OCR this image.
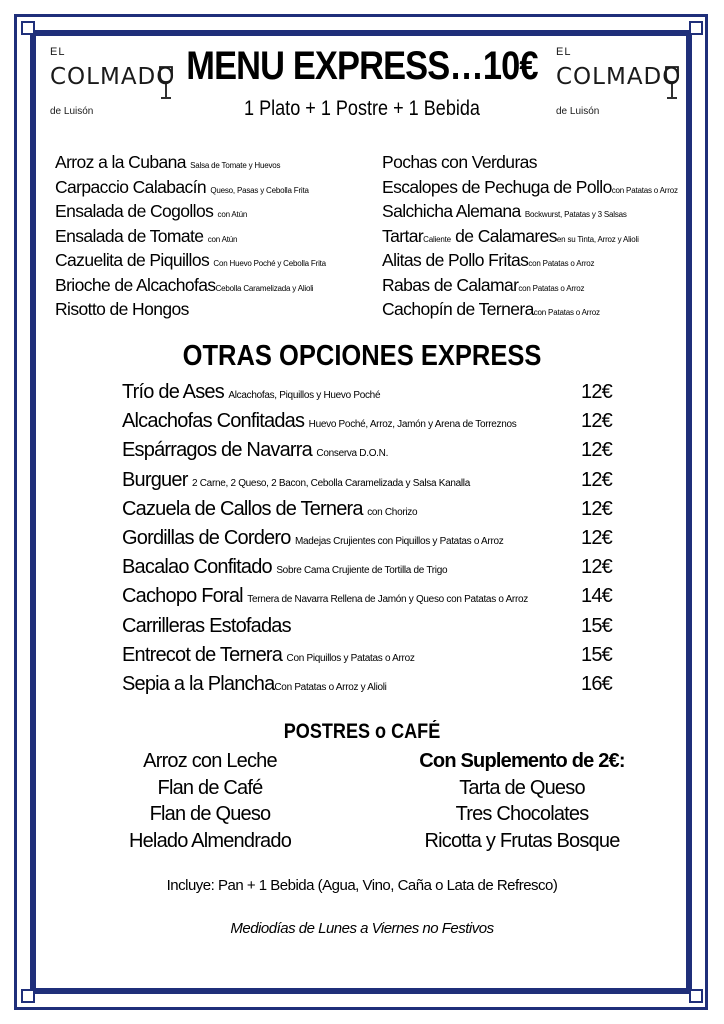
EL
COLMADO
de Luisón
EL
COLMADO
de Luisón
MENU EXPRESS…10€
1 Plato + 1 Postre + 1 Bebida
Arroz a la Cubana Salsa de Tomate y Huevos
Carpaccio Calabacín Queso, Pasas y Cebolla Frita
Ensalada de Cogollos con Atún
Ensalada de Tomate con Atún
Cazuelita de Piquillos Con Huevo Poché y Cebolla Frita
Brioche de AlcachofasCebolla Caramelizada y Alioli
Risotto de Hongos
Pochas con Verduras
Escalopes de Pechuga de Pollocon Patatas o Arroz
Salchicha Alemana Bockwurst, Patatas y 3 Salsas
TartarCaliente de Calamaresen su Tinta, Arroz y Alioli
Alitas de Pollo Fritascon Patatas o Arroz
Rabas de Calamarcon Patatas o Arroz
Cachopín de Terneracon Patatas o Arroz
OTRAS OPCIONES EXPRESS
Trío de Ases Alcachofas, Piquillos y Huevo Poché	12€
Alcachofas Confitadas Huevo Poché, Arroz, Jamón y Arena de Torreznos	12€
Espárragos de Navarra Conserva D.O.N.	12€
Burguer 2 Carne, 2 Queso, 2 Bacon, Cebolla Caramelizada y Salsa Kanalla	12€
Cazuela de Callos de Ternera con Chorizo	12€
Gordillas de Cordero Madejas Crujientes con Piquillos y Patatas o Arroz	12€
Bacalao Confitado Sobre Cama Crujiente de Tortilla de Trigo	12€
Cachopo Foral Ternera de Navarra Rellena de Jamón y Queso con Patatas o Arroz	14€
Carrilleras Estofadas	15€
Entrecot de Ternera Con Piquillos y Patatas o Arroz	15€
Sepia a la PlanchaCon Patatas o Arroz y Alioli	16€
POSTRES o CAFÉ
Arroz con Leche
Flan de Café
Flan de Queso
Helado Almendrado
Con Suplemento de 2€:
Tarta de Queso
Tres Chocolates
Ricotta y Frutas Bosque
Incluye: Pan + 1 Bebida (Agua, Vino, Caña o Lata de Refresco)
Mediodías de Lunes a Viernes no Festivos
